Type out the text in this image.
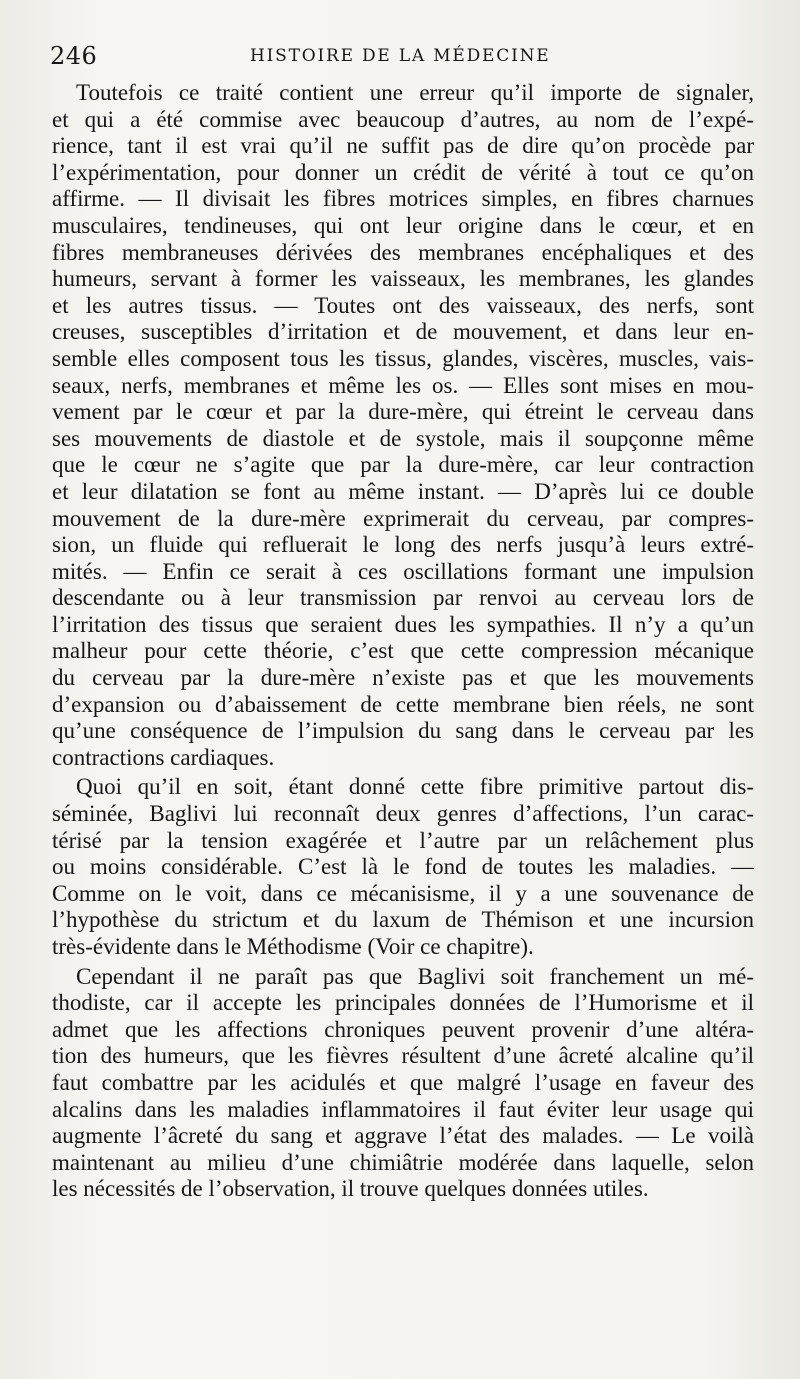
246	HISTOIRE DE LA MÉDECINE
Toutefois ce traité contient une erreur qu’il importe de signaler,
et qui a été commise avec beaucoup d’autres, au nom de l’expé-
rience, tant il est vrai qu’il ne suffit pas de dire qu’on procède par
l’expérimentation, pour donner un crédit de vérité à tout ce qu’on
affirme. — Il divisait les fibres motrices simples, en fibres charnues
musculaires, tendineuses, qui ont leur origine dans le cœur, et en
fibres membraneuses dérivées des membranes encéphaliques et des
humeurs, servant à former les vaisseaux, les membranes, les glandes
et les autres tissus. — Toutes ont des vaisseaux, des nerfs, sont
creuses, susceptibles d’irritation et de mouvement, et dans leur en-
semble elles composent tous les tissus, glandes, viscères, muscles, vais-
seaux, nerfs, membranes et même les os. — Elles sont mises en mou-
vement par le cœur et par la dure-mère, qui étreint le cerveau dans
ses mouvements de diastole et de systole, mais il soupçonne même
que le cœur ne s’agite que par la dure-mère, car leur contraction
et leur dilatation se font au même instant. — D’après lui ce double
mouvement de la dure-mère exprimerait du cerveau, par compres-
sion, un fluide qui refluerait le long des nerfs jusqu’à leurs extré-
mités. — Enfin ce serait à ces oscillations formant une impulsion
descendante ou à leur transmission par renvoi au cerveau lors de
l’irritation des tissus que seraient dues les sympathies. Il n’y a qu’un
malheur pour cette théorie, c’est que cette compression mécanique
du cerveau par la dure-mère n’existe pas et que les mouvements
d’expansion ou d’abaissement de cette membrane bien réels, ne sont
qu’une conséquence de l’impulsion du sang dans le cerveau par les
contractions cardiaques.
Quoi qu’il en soit, étant donné cette fibre primitive partout dis-
séminée, Baglivi lui reconnaît deux genres d’affections, l’un carac-
térisé par la tension exagérée et l’autre par un relâchement plus
ou moins considérable. C’est là le fond de toutes les maladies. —
Comme on le voit, dans ce mécanisisme, il y a une souvenance de
l’hypothèse du strictum et du laxum de Thémison et une incursion
très-évidente dans le Méthodisme (Voir ce chapitre).
Cependant il ne paraît pas que Baglivi soit franchement un mé-
thodiste, car il accepte les principales données de l’Humorisme et il
admet que les affections chroniques peuvent provenir d’une altéra-
tion des humeurs, que les fièvres résultent d’une âcreté alcaline qu’il
faut combattre par les acidulés et que malgré l’usage en faveur des
alcalins dans les maladies inflammatoires il faut éviter leur usage qui
augmente l’âcreté du sang et aggrave l’état des malades. — Le voilà
maintenant au milieu d’une chimiâtrie modérée dans laquelle, selon
les nécessités de l’observation, il trouve quelques données utiles.
